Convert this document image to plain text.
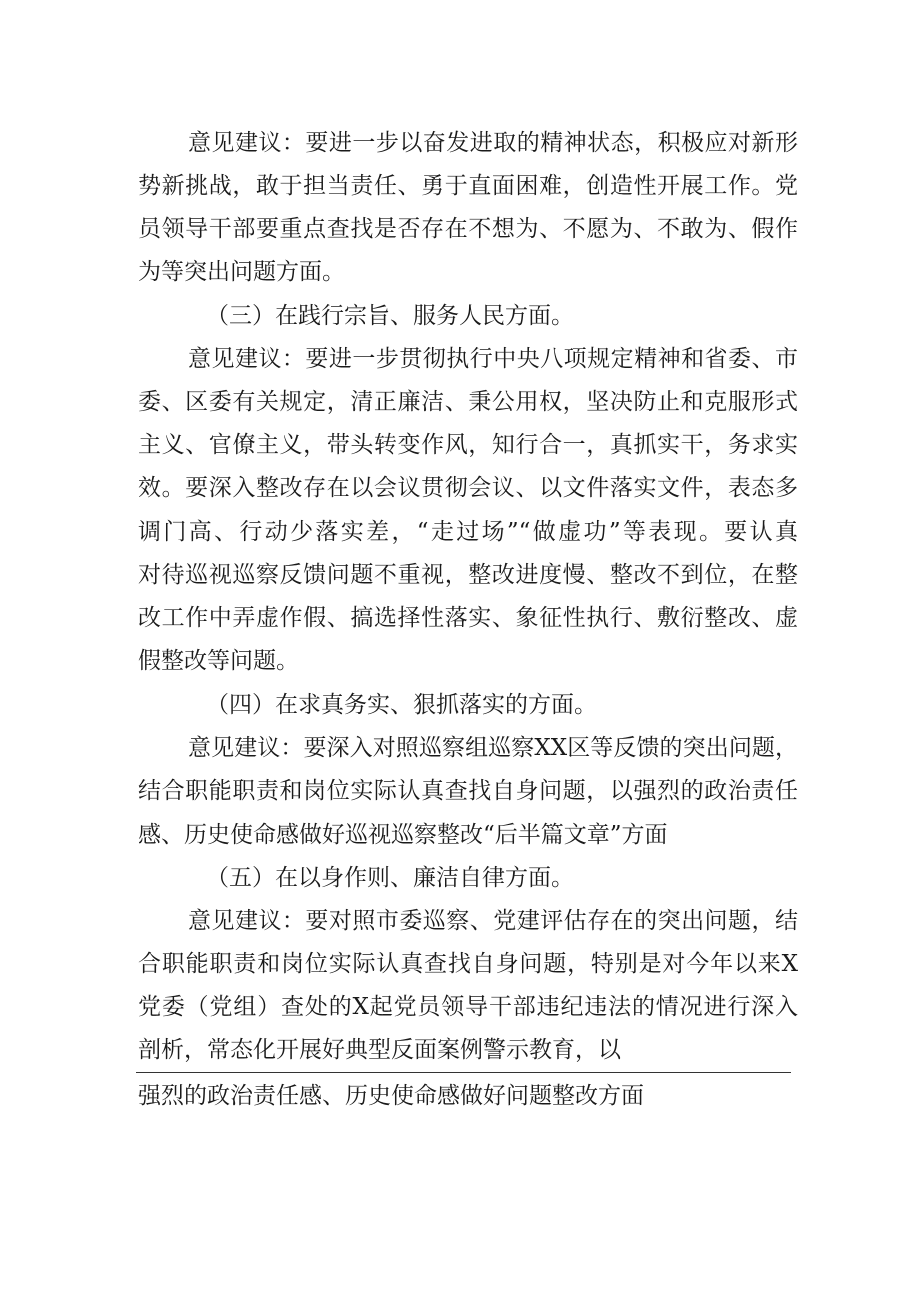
意见建议：要进一步以奋发进取的精神状态，积极应对新形
势新挑战，敢于担当责任、勇于直面困难，创造性开展工作。党
员领导干部要重点查找是否存在不想为、不愿为、不敢为、假作
为等突出问题方面。
（三）在践行宗旨、服务人民方面。
意见建议：要进一步贯彻执行中央八项规定精神和省委、市
委、区委有关规定，清正廉洁、秉公用权，坚决防止和克服形式
主义、官僚主义，带头转变作风，知行合一，真抓实干，务求实
效。要深入整改存在以会议贯彻会议、以文件落实文件，表态多
调门高、行动少落实差，“走过场”“做虚功”等表现。要认真
对待巡视巡察反馈问题不重视，整改进度慢、整改不到位，在整
改工作中弄虚作假、搞选择性落实、象征性执行、敷衍整改、虚
假整改等问题。
（四）在求真务实、狠抓落实的方面。
意见建议：要深入对照巡察组巡察XX区等反馈的突出问题，
结合职能职责和岗位实际认真查找自身问题，以强烈的政治责任
感、历史使命感做好巡视巡察整改“后半篇文章”方面
（五）在以身作则、廉洁自律方面。
意见建议：要对照市委巡察、党建评估存在的突出问题，结
合职能职责和岗位实际认真查找自身问题，特别是对今年以来X
党委（党组）查处的X起党员领导干部违纪违法的情况进行深入
剖析，常态化开展好典型反面案例警示教育，以
强烈的政治责任感、历史使命感做好问题整改方面
